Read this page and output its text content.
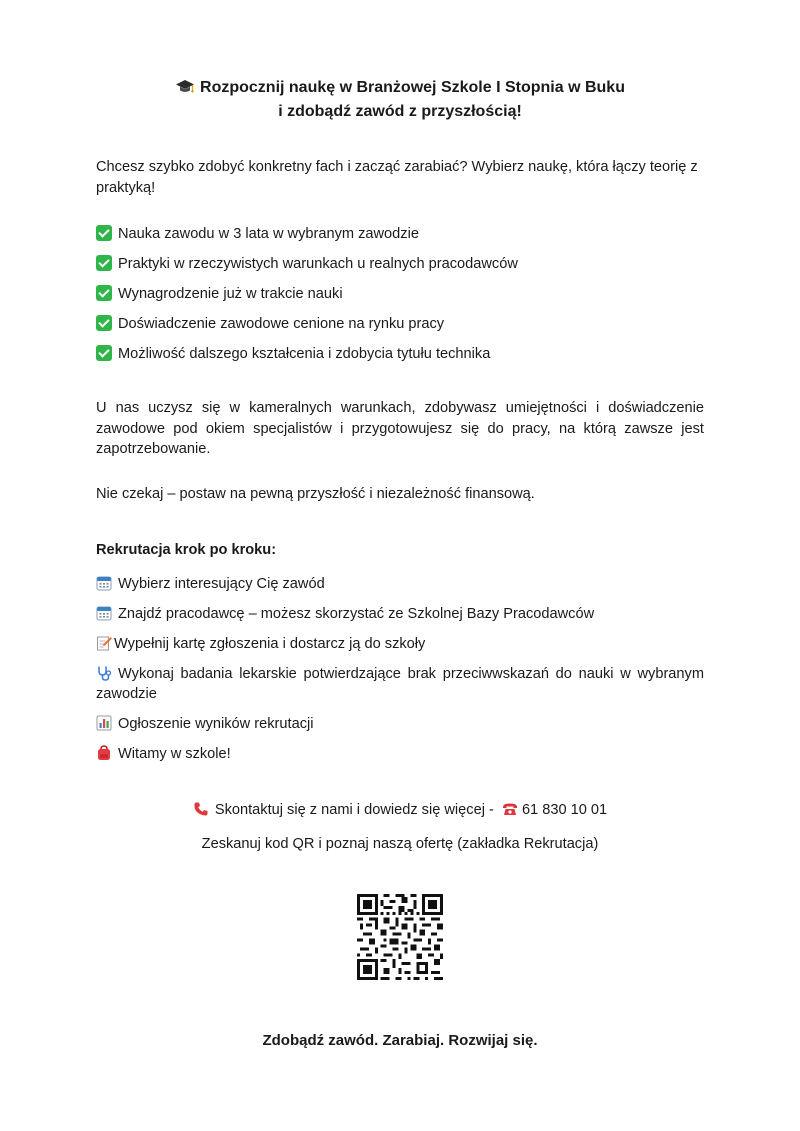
Rozpocznij naukę w Branżowej Szkole I Stopnia w Buku
i zdobądź zawód z przyszłością!
Chcesz szybko zdobyć konkretny fach i zacząć zarabiać? Wybierz naukę, która łączy teorię z praktyką!
Nauka zawodu w 3 lata w wybranym zawodzie
Praktyki w rzeczywistych warunkach u realnych pracodawców
Wynagrodzenie już w trakcie nauki
Doświadczenie zawodowe cenione na rynku pracy
Możliwość dalszego kształcenia i zdobycia tytułu technika
U nas uczysz się w kameralnych warunkach, zdobywasz umiejętności i doświadczenie zawodowe pod okiem specjalistów i przygotowujesz się do pracy, na którą zawsze jest zapotrzebowanie.
Nie czekaj – postaw na pewną przyszłość i niezależność finansową.
Rekrutacja krok po kroku:
Wybierz interesujący Cię zawód
Znajdź pracodawcę – możesz skorzystać ze Szkolnej Bazy Pracodawców
Wypełnij kartę zgłoszenia i dostarcz ją do szkoły
Wykonaj badania lekarskie potwierdzające brak przeciwwskazań do nauki w wybranym zawodzie
Ogłoszenie wyników rekrutacji
Witamy w szkole!
Skontaktuj się z nami i dowiedz się więcej - 61 830 10 01
Zeskanuj kod QR i poznaj naszą ofertę (zakładka Rekrutacja)
Zdobądź zawód. Zarabiaj. Rozwijaj się.
